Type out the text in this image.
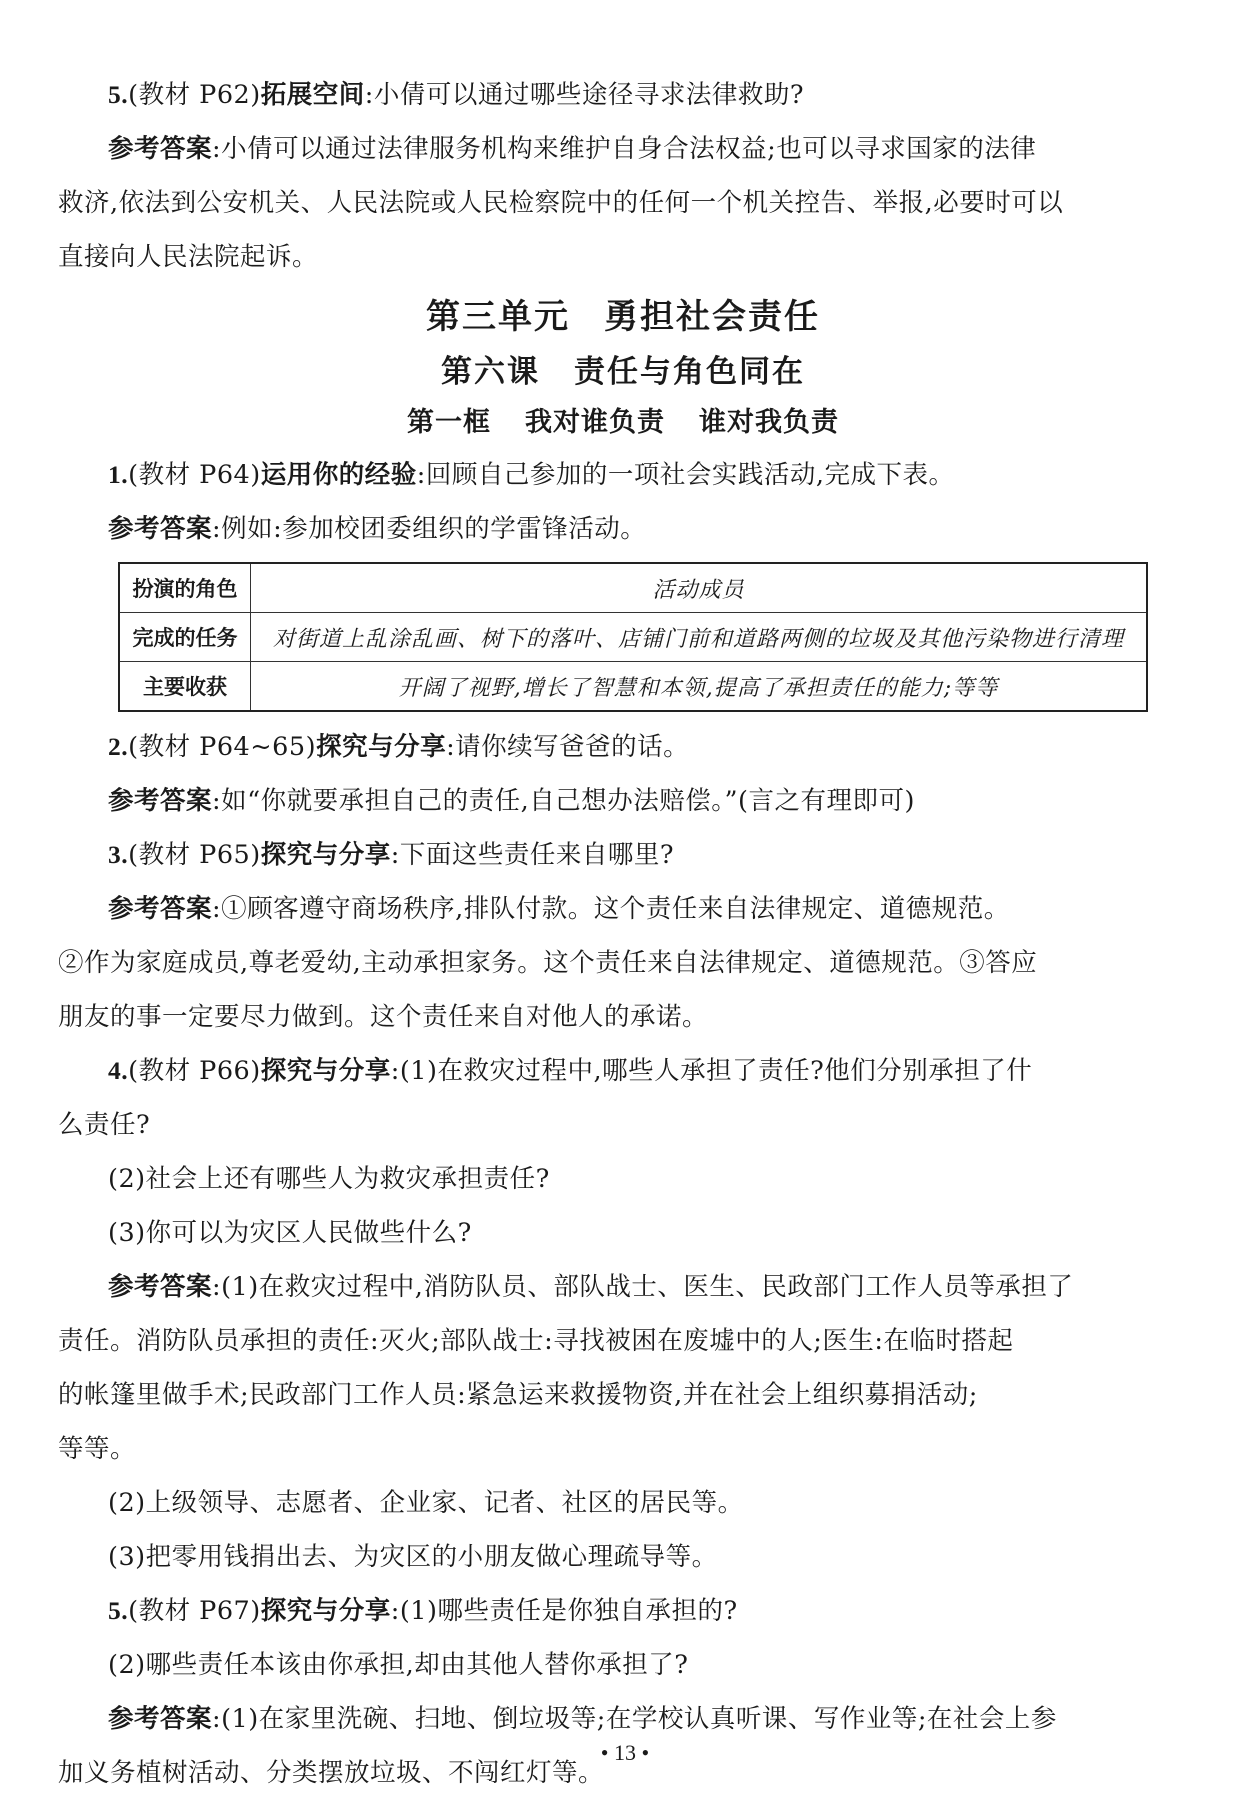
5.(教材 P62)拓展空间:小倩可以通过哪些途径寻求法律救助?

参考答案:小倩可以通过法律服务机构来维护自身合法权益;也可以寻求国家的法律

救济,依法到公安机关、人民法院或人民检察院中的任何一个机关控告、举报,必要时可以

直接向人民法院起诉。

第三单元 勇担社会责任
第六课 责任与角色同在
第一框 我对谁负责 谁对我负责

1.(教材 P64)运用你的经验:回顾自己参加的一项社会实践活动,完成下表。

参考答案:例如:参加校团委组织的学雷锋活动。

扮演的角色	活动成员
完成的任务	对街道上乱涂乱画、树下的落叶、店铺门前和道路两侧的垃圾及其他污染物进行清理
主要收获	开阔了视野,增长了智慧和本领,提高了承担责任的能力;等等

2.(教材 P64~65)探究与分享:请你续写爸爸的话。

参考答案:如“你就要承担自己的责任,自己想办法赔偿。”(言之有理即可)

3.(教材 P65)探究与分享:下面这些责任来自哪里?

参考答案:①顾客遵守商场秩序,排队付款。这个责任来自法律规定、道德规范。

②作为家庭成员,尊老爱幼,主动承担家务。这个责任来自法律规定、道德规范。③答应

朋友的事一定要尽力做到。这个责任来自对他人的承诺。

4.(教材 P66)探究与分享:(1)在救灾过程中,哪些人承担了责任?他们分别承担了什

么责任?

(2)社会上还有哪些人为救灾承担责任?

(3)你可以为灾区人民做些什么?

参考答案:(1)在救灾过程中,消防队员、部队战士、医生、民政部门工作人员等承担了

责任。消防队员承担的责任:灭火;部队战士:寻找被困在废墟中的人;医生:在临时搭起

的帐篷里做手术;民政部门工作人员:紧急运来救援物资,并在社会上组织募捐活动;

等等。

(2)上级领导、志愿者、企业家、记者、社区的居民等。

(3)把零用钱捐出去、为灾区的小朋友做心理疏导等。

5.(教材 P67)探究与分享:(1)哪些责任是你独自承担的?

(2)哪些责任本该由你承担,却由其他人替你承担了?

参考答案:(1)在家里洗碗、扫地、倒垃圾等;在学校认真听课、写作业等;在社会上参

加义务植树活动、分类摆放垃圾、不闯红灯等。

• 13 •
